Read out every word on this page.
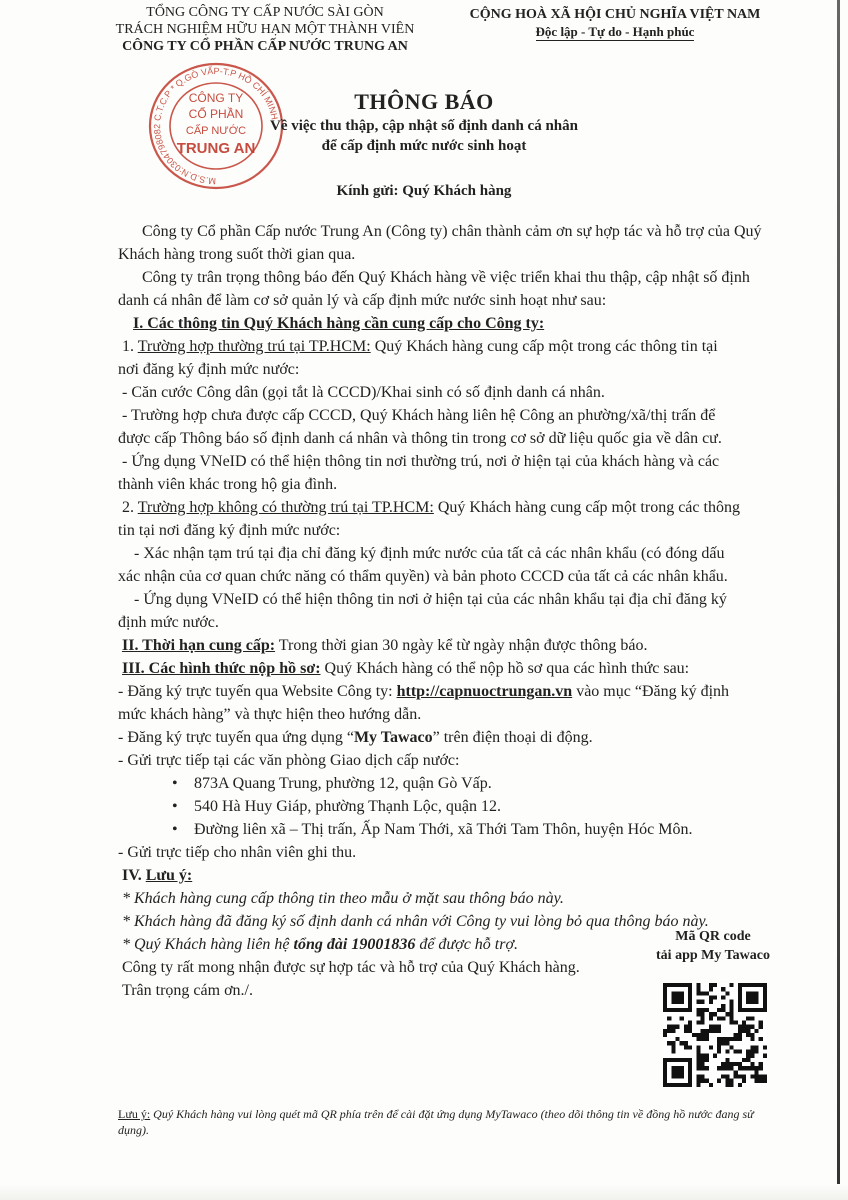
TỔNG CÔNG TY CẤP NƯỚC SÀI GÒN
TRÁCH NGHIỆM HỮU HẠN MỘT THÀNH VIÊN
CÔNG TY CỔ PHẦN CẤP NƯỚC TRUNG AN
CỘNG HOÀ XÃ HỘI CHỦ NGHĨA VIỆT NAM
Độc lập - Tự do - Hạnh phúc
M.S.D.N:0304798082 C.T.C.P * Q.GÒ VẤP-T.P HỒ CHÍ MINH
CÔNG TY
CỔ PHẦN
CẤP NƯỚC
TRUNG AN
THÔNG BÁO
Về việc thu thập, cập nhật số định danh cá nhân
để cấp định mức nước sinh hoạt
Kính gửi: Quý Khách hàng
Công ty Cổ phần Cấp nước Trung An (Công ty) chân thành cảm ơn sự hợp tác và hỗ trợ của Quý
Khách hàng trong suốt thời gian qua.
Công ty trân trọng thông báo đến Quý Khách hàng về việc triển khai thu thập, cập nhật số định
danh cá nhân để làm cơ sở quản lý và cấp định mức nước sinh hoạt như sau:
I. Các thông tin Quý Khách hàng cần cung cấp cho Công ty:
1. Trường hợp thường trú tại TP.HCM: Quý Khách hàng cung cấp một trong các thông tin tại
nơi đăng ký định mức nước:
- Căn cước Công dân (gọi tắt là CCCD)/Khai sinh có số định danh cá nhân.
- Trường hợp chưa được cấp CCCD, Quý Khách hàng liên hệ Công an phường/xã/thị trấn để
được cấp Thông báo số định danh cá nhân và thông tin trong cơ sở dữ liệu quốc gia về dân cư.
- Ứng dụng VNeID có thể hiện thông tin nơi thường trú, nơi ở hiện tại của khách hàng và các
thành viên khác trong hộ gia đình.
2. Trường hợp không có thường trú tại TP.HCM: Quý Khách hàng cung cấp một trong các thông
tin tại nơi đăng ký định mức nước:
- Xác nhận tạm trú tại địa chỉ đăng ký định mức nước của tất cả các nhân khẩu (có đóng dấu
xác nhận của cơ quan chức năng có thẩm quyền) và bản photo CCCD của tất cả các nhân khẩu.
- Ứng dụng VNeID có thể hiện thông tin nơi ở hiện tại của các nhân khẩu tại địa chỉ đăng ký
định mức nước.
II. Thời hạn cung cấp: Trong thời gian 30 ngày kể từ ngày nhận được thông báo.
III. Các hình thức nộp hồ sơ: Quý Khách hàng có thể nộp hồ sơ qua các hình thức sau:
- Đăng ký trực tuyến qua Website Công ty: http://capnuoctrungan.vn vào mục “Đăng ký định
mức khách hàng” và thực hiện theo hướng dẫn.
- Đăng ký trực tuyến qua ứng dụng “My Tawaco” trên điện thoại di động.
- Gửi trực tiếp tại các văn phòng Giao dịch cấp nước:
• 873A Quang Trung, phường 12, quận Gò Vấp.
• 540 Hà Huy Giáp, phường Thạnh Lộc, quận 12.
• Đường liên xã – Thị trấn, Ấp Nam Thới, xã Thới Tam Thôn, huyện Hóc Môn.
- Gửi trực tiếp cho nhân viên ghi thu.
IV. Lưu ý:
* Khách hàng cung cấp thông tin theo mẫu ở mặt sau thông báo này.
* Khách hàng đã đăng ký số định danh cá nhân với Công ty vui lòng bỏ qua thông báo này.
* Quý Khách hàng liên hệ tổng đài 19001836 để được hỗ trợ.
Công ty rất mong nhận được sự hợp tác và hỗ trợ của Quý Khách hàng.
Trân trọng cám ơn./.
Mã QR code
tải app My Tawaco
Lưu ý: Quý Khách hàng vui lòng quét mã QR phía trên để cài đặt ứng dụng MyTawaco (theo dõi thông tin về đồng hồ nước đang sử dụng).
